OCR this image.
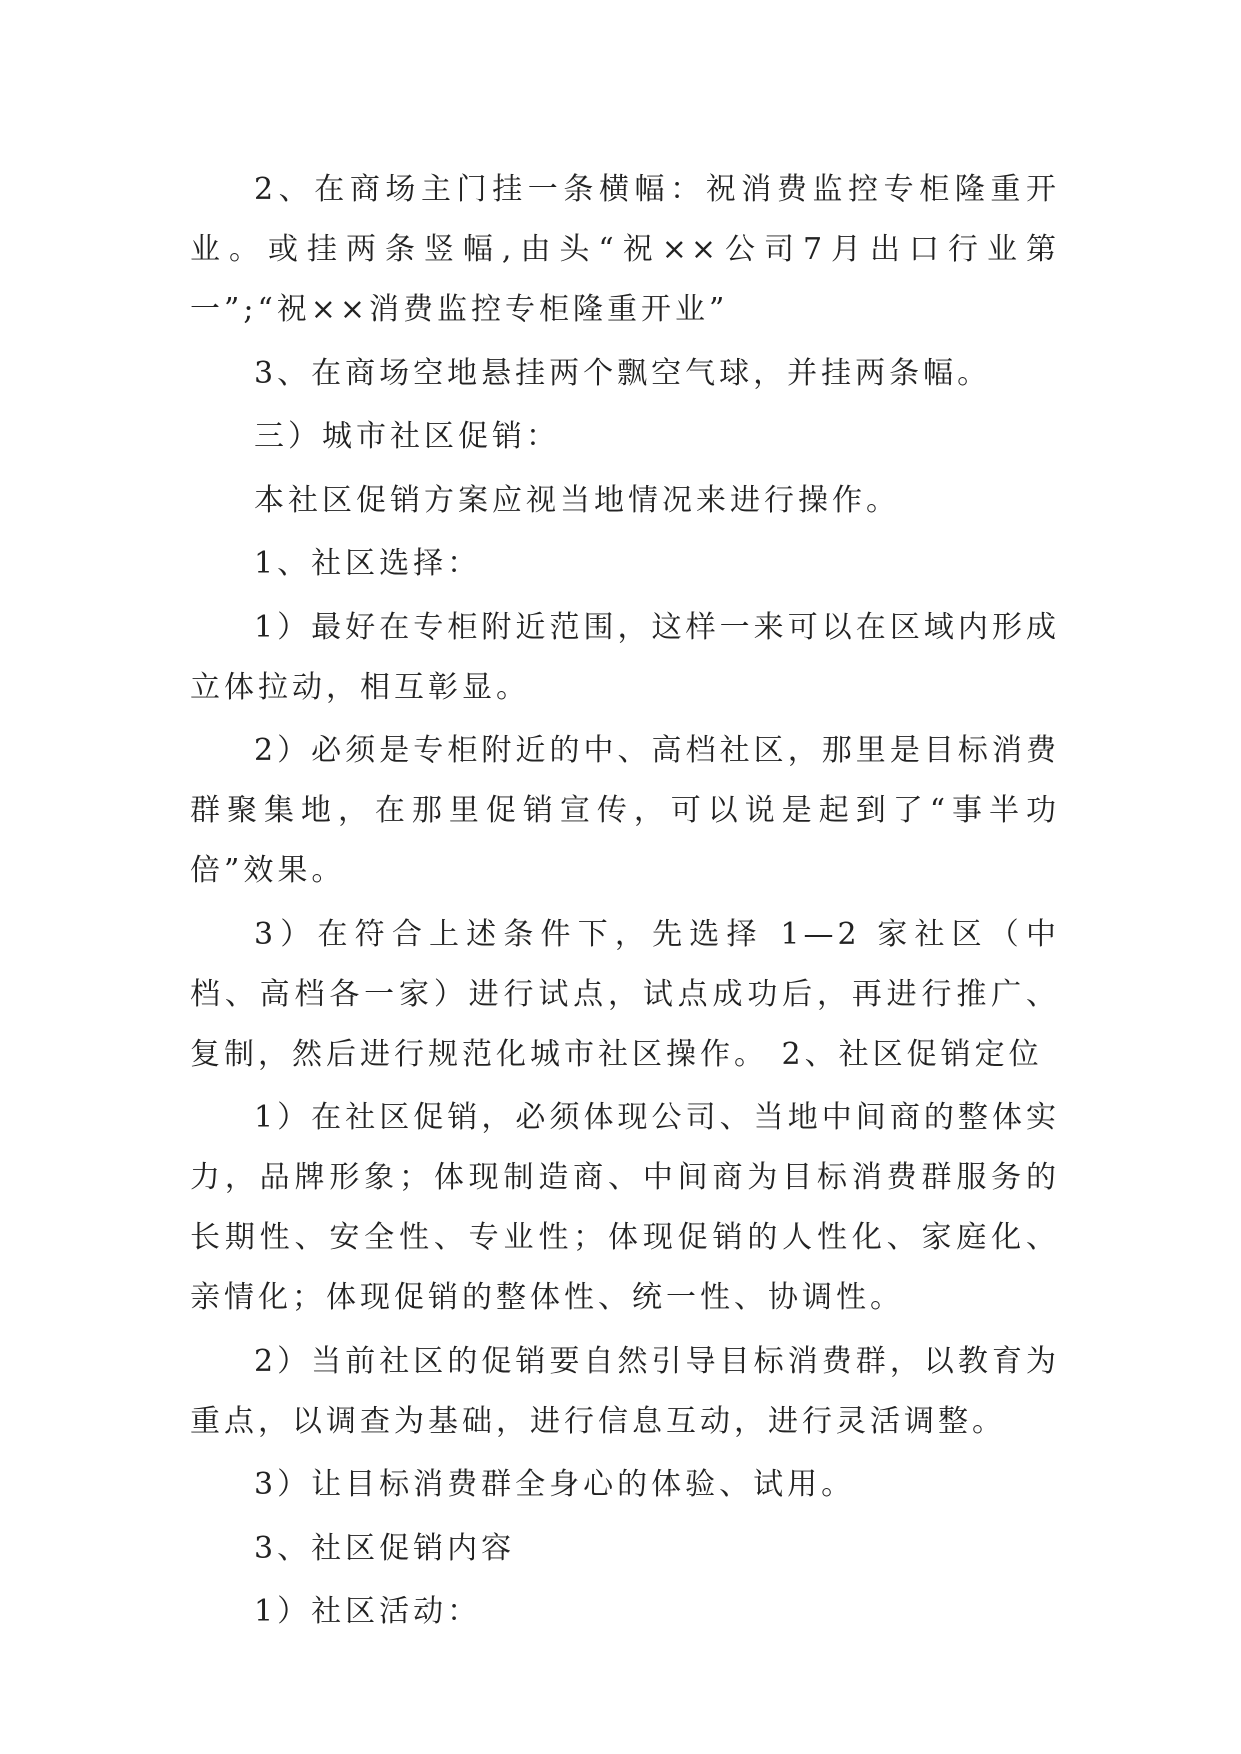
2、在商场主门挂一条横幅：祝消费监控专柜隆重开业。或挂两条竖幅,由头“祝××公司7月出口行业第一”;“祝××消费监控专柜隆重开业”

3、在商场空地悬挂两个飘空气球，并挂两条幅。

三）城市社区促销：

本社区促销方案应视当地情况来进行操作。

1、社区选择：

1）最好在专柜附近范围，这样一来可以在区域内形成立体拉动，相互彰显。

2）必须是专柜附近的中、高档社区，那里是目标消费群聚集地，在那里促销宣传，可以说是起到了“事半功倍”效果。

3）在符合上述条件下，先选择 1—2 家社区（中档、高档各一家）进行试点，试点成功后，再进行推广、复制，然后进行规范化城市社区操作。 2、社区促销定位

1）在社区促销，必须体现公司、当地中间商的整体实力，品牌形象；体现制造商、中间商为目标消费群服务的长期性、安全性、专业性；体现促销的人性化、家庭化、亲情化；体现促销的整体性、统一性、协调性。

2）当前社区的促销要自然引导目标消费群，以教育为重点，以调查为基础，进行信息互动，进行灵活调整。

3）让目标消费群全身心的体验、试用。

3、社区促销内容

1）社区活动：
